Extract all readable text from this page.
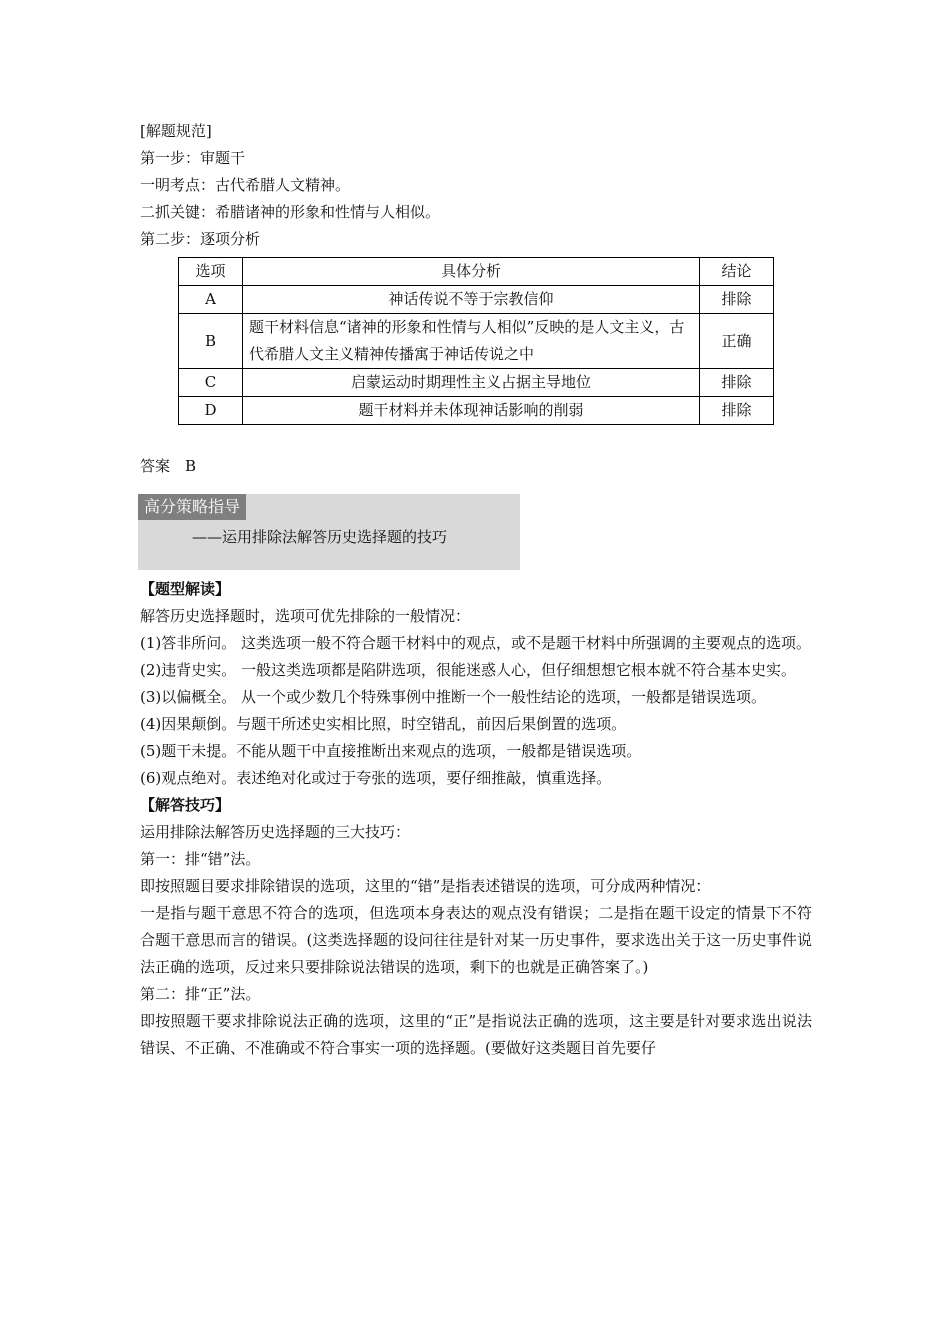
[解题规范]
第一步：审题干
一明考点：古代希腊人文精神。
二抓关键：希腊诸神的形象和性情与人相似。
第二步：逐项分析
选项	具体分析	结论
A	神话传说不等于宗教信仰	排除
B	题干材料信息“诸神的形象和性情与人相似”反映的是人文主义，古代希腊人文主义精神传播寓于神话传说之中	正确
C	启蒙运动时期理性主义占据主导地位	排除
D	题干材料并未体现神话影响的削弱	排除
答案　B
高分策略指导
——运用排除法解答历史选择题的技巧
【题型解读】
解答历史选择题时，选项可优先排除的一般情况：
(1)答非所问。 这类选项一般不符合题干材料中的观点，或不是题干材料中所强调的主要观点的选项。
(2)违背史实。 一般这类选项都是陷阱选项，很能迷惑人心，但仔细想想它根本就不符合基本史实。
(3)以偏概全。 从一个或少数几个特殊事例中推断一个一般性结论的选项，一般都是错误选项。
(4)因果颠倒。与题干所述史实相比照，时空错乱，前因后果倒置的选项。
(5)题干未提。不能从题干中直接推断出来观点的选项，一般都是错误选项。
(6)观点绝对。表述绝对化或过于夸张的选项，要仔细推敲，慎重选择。
【解答技巧】
运用排除法解答历史选择题的三大技巧：
第一：排“错”法。
即按照题目要求排除错误的选项，这里的“错”是指表述错误的选项，可分成两种情况：
一是指与题干意思不符合的选项，但选项本身表达的观点没有错误；二是指在题干设定的情景下不符合题干意思而言的错误。(这类选择题的设问往往是针对某一历史事件，要求选出关于这一历史事件说法正确的选项，反过来只要排除说法错误的选项，剩下的也就是正确答案了。)
第二：排“正”法。
即按照题干要求排除说法正确的选项，这里的“正”是指说法正确的选项，这主要是针对要求选出说法错误、不正确、不准确或不符合事实一项的选择题。(要做好这类题目首先要仔
